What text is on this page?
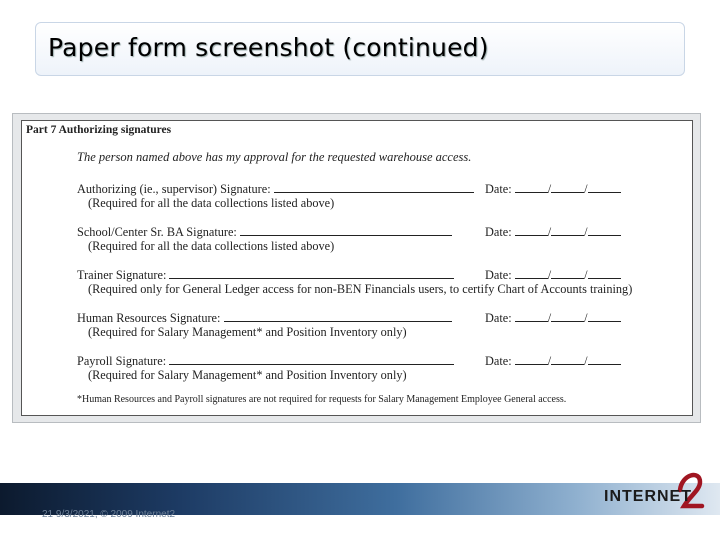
Paper form screenshot (continued)
Part 7 Authorizing signatures
The person named above has my approval for the requested warehouse access.
Authorizing (ie., supervisor) Signature:	Date:	/	/
(Required for all the data collections listed above)
School/Center Sr. BA Signature:	Date:	/	/
(Required for all the data collections listed above)
Trainer Signature:	Date:	/	/
(Required only for General Ledger access for non-BEN Financials users, to certify Chart of Accounts training)
Human Resources Signature:	Date:	/	/
(Required for Salary Management* and Position Inventory only)
Payroll Signature:	Date:	/	/
(Required for Salary Management* and Position Inventory only)
*Human Resources and Payroll signatures are not required for requests for Salary Management Employee General access.
21 9/3/2021, © 2009 Internet2
INTERNET
